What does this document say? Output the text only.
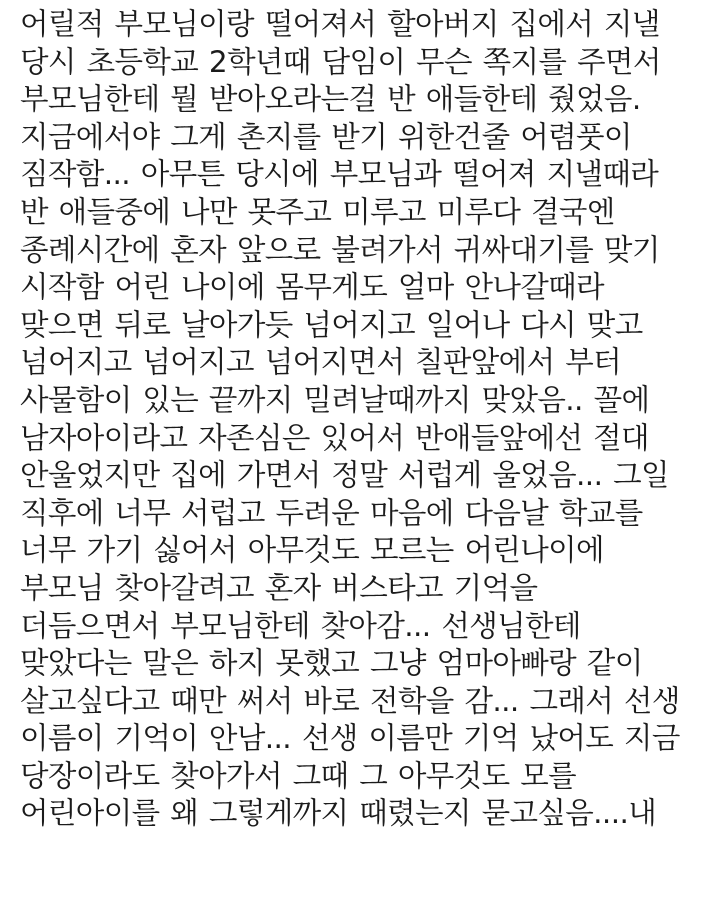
어릴적 부모님이랑 떨어져서 할아버지 집에서 지낼
당시 초등학교 2학년때 담임이 무슨 쪽지를 주면서
부모님한테 뭘 받아오라는걸 반 애들한테 줬었음.
지금에서야 그게 촌지를 받기 위한건줄 어렴풋이
짐작함... 아무튼 당시에 부모님과 떨어져 지낼때라
반 애들중에 나만 못주고 미루고 미루다 결국엔
종례시간에 혼자 앞으로 불려가서 귀싸대기를 맞기
시작함 어린 나이에 몸무게도 얼마 안나갈때라
맞으면 뒤로 날아가듯 넘어지고 일어나 다시 맞고
넘어지고 넘어지고 넘어지면서 칠판앞에서 부터
사물함이 있는 끝까지 밀려날때까지 맞았음.. 꼴에
남자아이라고 자존심은 있어서 반애들앞에선 절대
안울었지만 집에 가면서 정말 서럽게 울었음... 그일
직후에 너무 서럽고 두려운 마음에 다음날 학교를
너무 가기 싫어서 아무것도 모르는 어린나이에
부모님 찾아갈려고 혼자 버스타고 기억을
더듬으면서 부모님한테 찾아감... 선생님한테
맞았다는 말은 하지 못했고 그냥 엄마아빠랑 같이
살고싶다고 때만 써서 바로 전학을 감... 그래서 선생
이름이 기억이 안남... 선생 이름만 기억 났어도 지금
당장이라도 찾아가서 그때 그 아무것도 모를
어린아이를 왜 그렇게까지 때렸는지 묻고싶음....내
